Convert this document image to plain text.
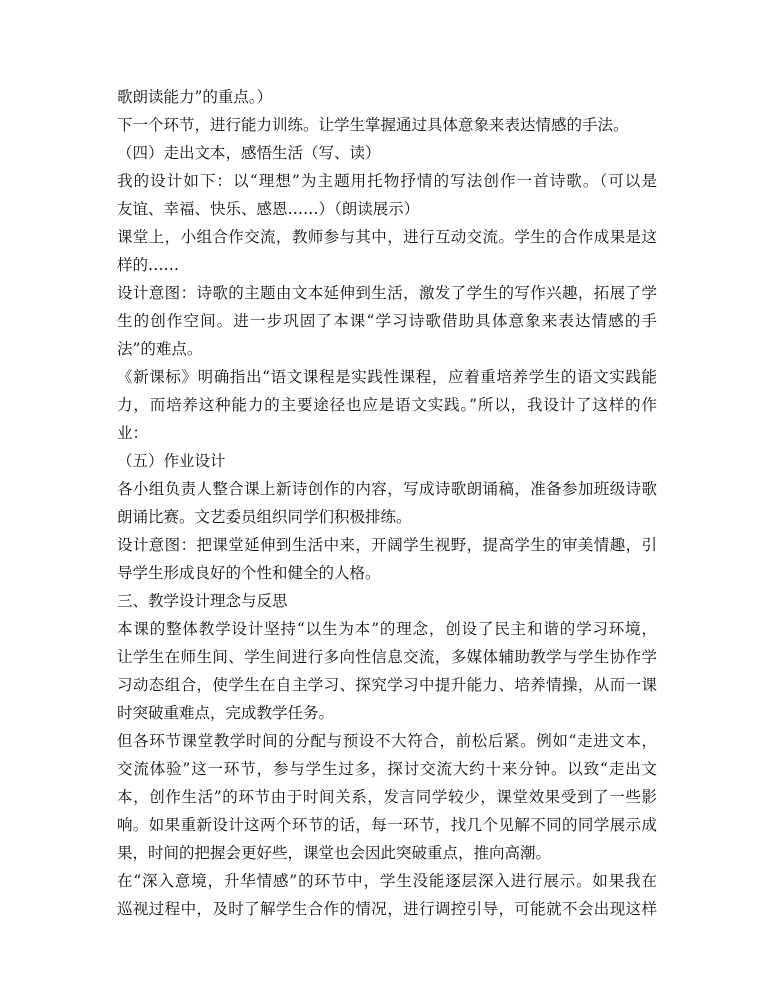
歌朗读能力”的重点。）
下一个环节，进行能力训练。让学生掌握通过具体意象来表达情感的手法。
（四）走出文本，感悟生活（写、读）
我的设计如下：以“理想”为主题用托物抒情的写法创作一首诗歌。（可以是
友谊、幸福、快乐、感恩……）（朗读展示）
课堂上，小组合作交流，教师参与其中，进行互动交流。学生的合作成果是这
样的……
设计意图：诗歌的主题由文本延伸到生活，激发了学生的写作兴趣，拓展了学
生的创作空间。进一步巩固了本课“学习诗歌借助具体意象来表达情感的手
法”的难点。
《新课标》明确指出“语文课程是实践性课程，应着重培养学生的语文实践能
力，而培养这种能力的主要途径也应是语文实践。”所以，我设计了这样的作
业：
（五）作业设计
各小组负责人整合课上新诗创作的内容，写成诗歌朗诵稿，准备参加班级诗歌
朗诵比赛。文艺委员组织同学们积极排练。
设计意图：把课堂延伸到生活中来，开阔学生视野，提高学生的审美情趣，引
导学生形成良好的个性和健全的人格。
三、教学设计理念与反思
本课的整体教学设计坚持“以生为本”的理念，创设了民主和谐的学习环境，
让学生在师生间、学生间进行多向性信息交流，多媒体辅助教学与学生协作学
习动态组合，使学生在自主学习、探究学习中提升能力、培养情操，从而一课
时突破重难点，完成教学任务。
但各环节课堂教学时间的分配与预设不大符合，前松后紧。例如“走进文本，
交流体验”这一环节，参与学生过多，探讨交流大约十来分钟。以致“走出文
本，创作生活”的环节由于时间关系，发言同学较少，课堂效果受到了一些影
响。如果重新设计这两个环节的话，每一环节，找几个见解不同的同学展示成
果，时间的把握会更好些，课堂也会因此突破重点，推向高潮。
在“深入意境，升华情感”的环节中，学生没能逐层深入进行展示。如果我在
巡视过程中，及时了解学生合作的情况，进行调控引导，可能就不会出现这样
